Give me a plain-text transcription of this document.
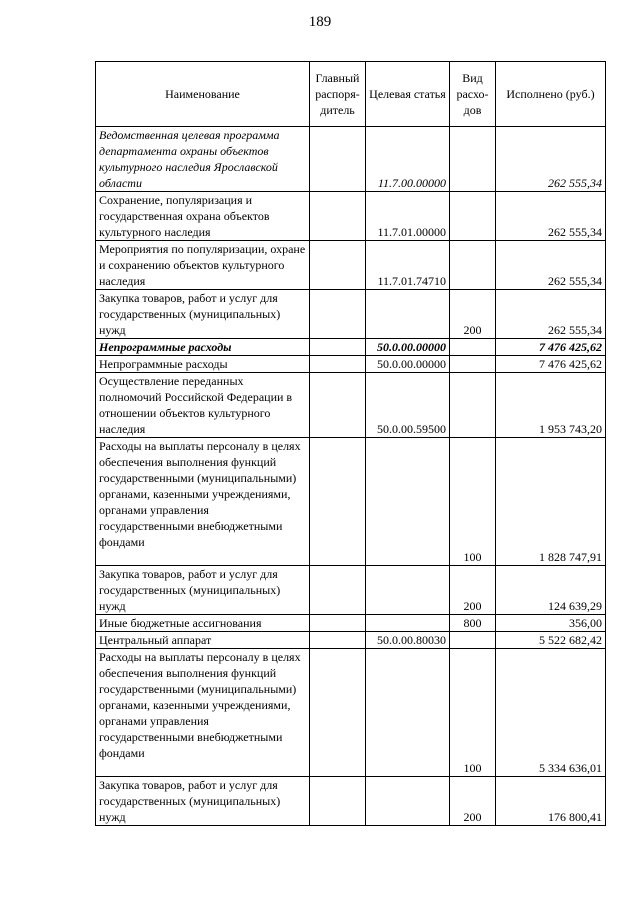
189
Наименование	Главный распоря-дитель	Целевая статья	Вид расхо-дов	Исполнено (руб.)
Ведомственная целевая программа департамента охраны объектов культурного наследия Ярославской области		11.7.00.00000		262 555,34
Сохранение, популяризация и государственная охрана объектов культурного наследия		11.7.01.00000		262 555,34
Мероприятия по популяризации, охране и сохранению объектов культурного наследия		11.7.01.74710		262 555,34
Закупка товаров, работ и услуг для государственных (муниципальных) нужд			200	262 555,34
Непрограммные расходы		50.0.00.00000		7 476 425,62
Непрограммные расходы		50.0.00.00000		7 476 425,62
Осуществление переданных полномочий Российской Федерации в отношении объектов культурного наследия		50.0.00.59500		1 953 743,20
Расходы на выплаты персоналу в целях обеспечения выполнения функций государственными (муниципальными) органами, казенными учреждениями, органами управления государственными внебюджетными фондами			100	1 828 747,91
Закупка товаров, работ и услуг для государственных (муниципальных) нужд			200	124 639,29
Иные бюджетные ассигнования			800	356,00
Центральный аппарат		50.0.00.80030		5 522 682,42
Расходы на выплаты персоналу в целях обеспечения выполнения функций государственными (муниципальными) органами, казенными учреждениями, органами управления государственными внебюджетными фондами			100	5 334 636,01
Закупка товаров, работ и услуг для государственных (муниципальных) нужд			200	176 800,41
